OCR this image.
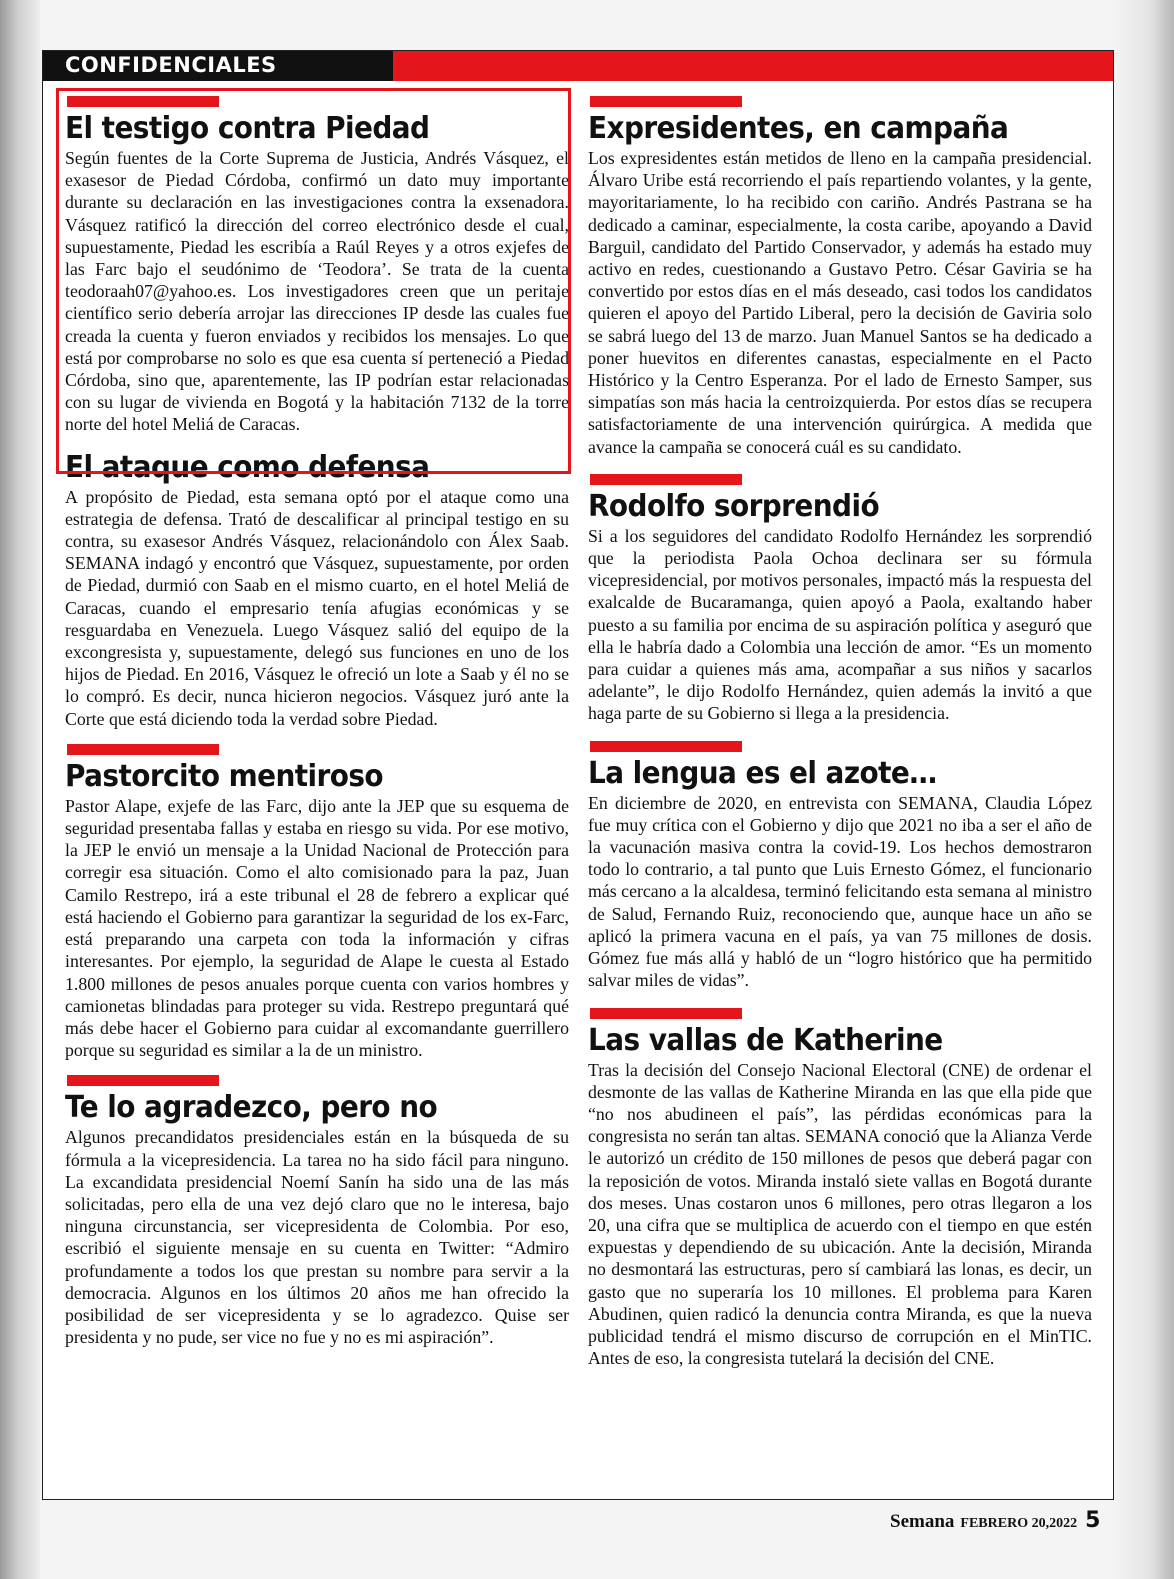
CONFIDENCIALES
El testigo contra Piedad

Según fuentes de la Corte Suprema de Justicia, Andrés Vásquez, el exasesor de Piedad Córdoba, confirmó un dato muy importante durante su declaración en las investigaciones contra la exsenadora. Vásquez ratificó la dirección del correo electrónico desde el cual, supuestamente, Piedad les escribía a Raúl Reyes y a otros exjefes de las Farc bajo el seudónimo de ‘Teodora’. Se trata de la cuenta teodoraah07@yahoo.es. Los investigadores creen que un peritaje científico serio debería arrojar las direcciones IP desde las cuales fue creada la cuenta y fueron enviados y recibidos los mensajes. Lo que está por comprobarse no solo es que esa cuenta sí perteneció a Piedad Córdoba, sino que, aparentemente, las IP podrían estar relacionadas con su lugar de vivienda en Bogotá y la habitación 7132 de la torre norte del hotel Meliá de Caracas.

El ataque como defensa

A propósito de Piedad, esta semana optó por el ataque como una estrategia de defensa. Trató de descalificar al principal testigo en su contra, su exasesor Andrés Vásquez, relacionándolo con Álex Saab. SEMANA indagó y encontró que Vásquez, supuestamente, por orden de Piedad, durmió con Saab en el mismo cuarto, en el hotel Meliá de Caracas, cuando el empresario tenía afugias económicas y se resguardaba en Venezuela. Luego Vásquez salió del equipo de la excongresista y, supuestamente, delegó sus funciones en uno de los hijos de Piedad. En 2016, Vásquez le ofreció un lote a Saab y él no se lo compró. Es decir, nunca hicieron negocios. Vásquez juró ante la Corte que está diciendo toda la verdad sobre Piedad.

Pastorcito mentiroso

Pastor Alape, exjefe de las Farc, dijo ante la JEP que su esquema de seguridad presentaba fallas y estaba en riesgo su vida. Por ese motivo, la JEP le envió un mensaje a la Unidad Nacional de Protección para corregir esa situación. Como el alto comisionado para la paz, Juan Camilo Restrepo, irá a este tribunal el 28 de febrero a explicar qué está haciendo el Gobierno para garantizar la seguridad de los ex-Farc, está preparando una carpeta con toda la información y cifras interesantes. Por ejemplo, la seguridad de Alape le cuesta al Estado 1.800 millones de pesos anuales porque cuenta con varios hombres y camionetas blindadas para proteger su vida. Restrepo preguntará qué más debe hacer el Gobierno para cuidar al excomandante guerrillero porque su seguridad es similar a la de un ministro.

Te lo agradezco, pero no

Algunos precandidatos presidenciales están en la búsqueda de su fórmula a la vicepresidencia. La tarea no ha sido fácil para ninguno. La excandidata presidencial Noemí Sanín ha sido una de las más solicitadas, pero ella de una vez dejó claro que no le interesa, bajo ninguna circunstancia, ser vicepresidenta de Colombia. Por eso, escribió el siguiente mensaje en su cuenta en Twitter: “Admiro profundamente a todos los que prestan su nombre para servir a la democracia. Algunos en los últimos 20 años me han ofrecido la posibilidad de ser vicepresidenta y se lo agradezco. Quise ser presidenta y no pude, ser vice no fue y no es mi aspiración”.

Expresidentes, en campaña

Los expresidentes están metidos de lleno en la campaña presidencial. Álvaro Uribe está recorriendo el país repartiendo volantes, y la gente, mayoritariamente, lo ha recibido con cariño. Andrés Pastrana se ha dedicado a caminar, especialmente, la costa caribe, apoyando a David Barguil, candidato del Partido Conservador, y además ha estado muy activo en redes, cuestionando a Gustavo Petro. César Gaviria se ha convertido por estos días en el más deseado, casi todos los candidatos quieren el apoyo del Partido Liberal, pero la decisión de Gaviria solo se sabrá luego del 13 de marzo. Juan Manuel Santos se ha dedicado a poner huevitos en diferentes canastas, especialmente en el Pacto Histórico y la Centro Esperanza. Por el lado de Ernesto Samper, sus simpatías son más hacia la centroizquierda. Por estos días se recupera satisfactoriamente de una intervención quirúrgica. A medida que avance la campaña se conocerá cuál es su candidato.

Rodolfo sorprendió

Si a los seguidores del candidato Rodolfo Hernández les sorprendió que la periodista Paola Ochoa declinara ser su fórmula vicepresidencial, por motivos personales, impactó más la respuesta del exalcalde de Bucaramanga, quien apoyó a Paola, exaltando haber puesto a su familia por encima de su aspiración política y aseguró que ella le habría dado a Colombia una lección de amor. “Es un momento para cuidar a quienes más ama, acompañar a sus niños y sacarlos adelante”, le dijo Rodolfo Hernández, quien además la invitó a que haga parte de su Gobierno si llega a la presidencia.

La lengua es el azote…

En diciembre de 2020, en entrevista con SEMANA, Claudia López fue muy crítica con el Gobierno y dijo que 2021 no iba a ser el año de la vacunación masiva contra la covid-19. Los hechos demostraron todo lo contrario, a tal punto que Luis Ernesto Gómez, el funcionario más cercano a la alcaldesa, terminó felicitando esta semana al ministro de Salud, Fernando Ruiz, reconociendo que, aunque hace un año se aplicó la primera vacuna en el país, ya van 75 millones de dosis. Gómez fue más allá y habló de un “logro histórico que ha permitido salvar miles de vidas”.

Las vallas de Katherine

Tras la decisión del Consejo Nacional Electoral (CNE) de ordenar el desmonte de las vallas de Katherine Miranda en las que ella pide que “no nos abudineen el país”, las pérdidas económicas para la congresista no serán tan altas. SEMANA conoció que la Alianza Verde le autorizó un crédito de 150 millones de pesos que deberá pagar con la reposición de votos. Miranda instaló siete vallas en Bogotá durante dos meses. Unas costaron unos 6 millones, pero otras llegaron a los 20, una cifra que se multiplica de acuerdo con el tiempo en que estén expuestas y dependiendo de su ubicación. Ante la decisión, Miranda no desmontará las estructuras, pero sí cambiará las lonas, es decir, un gasto que no superaría los 10 millones. El problema para Karen Abudinen, quien radicó la denuncia contra Miranda, es que la nueva publicidad tendrá el mismo discurso de corrupción en el MinTIC. Antes de eso, la congresista tutelará la decisión del CNE.

Semana FEBRERO 20,2022 5
